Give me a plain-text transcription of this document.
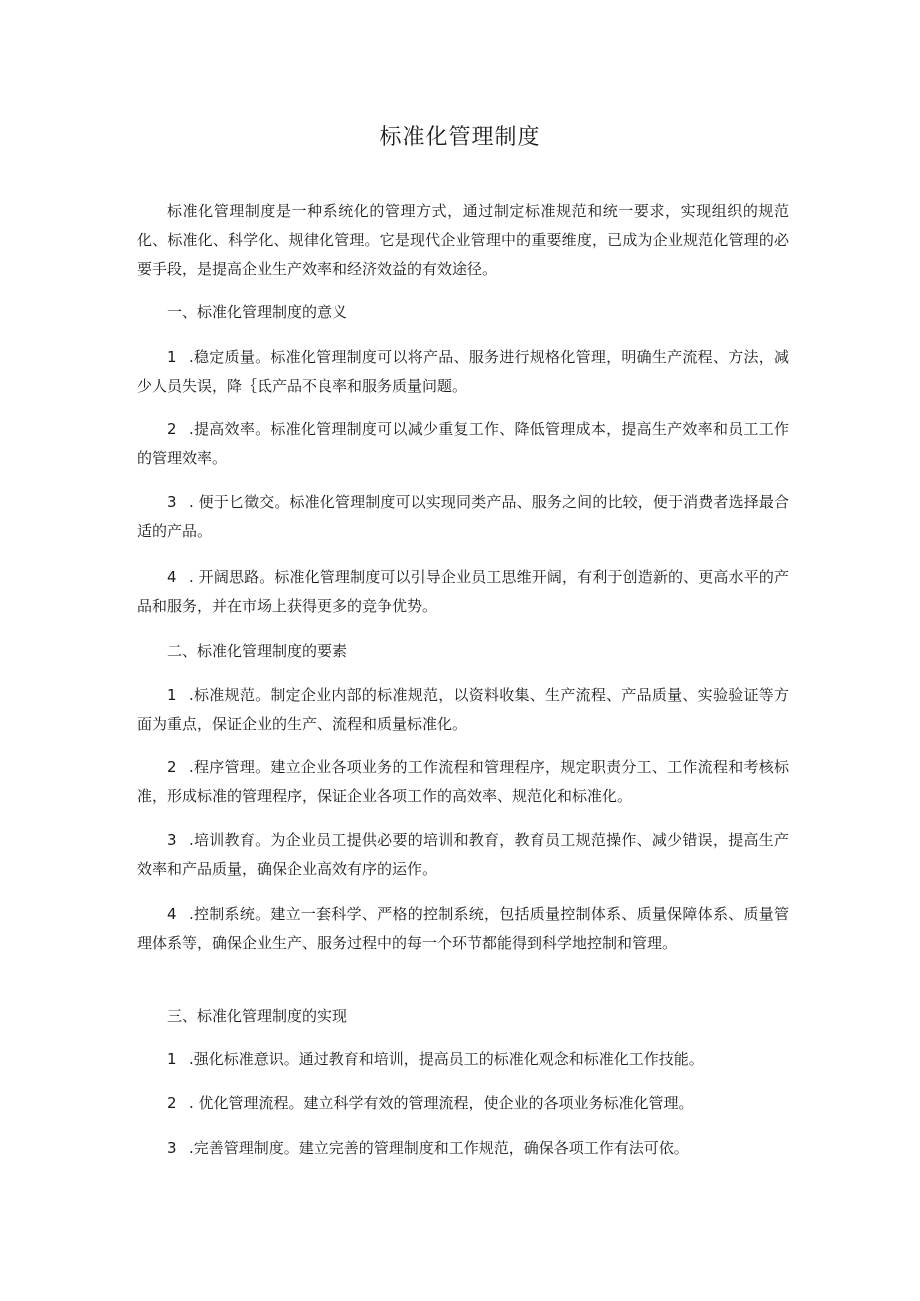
标准化管理制度

标准化管理制度是一种系统化的管理方式，通过制定标准规范和统一要求，实现组织的规范化、标准化、科学化、规律化管理。它是现代企业管理中的重要维度，已成为企业规范化管理的必要手段，是提高企业生产效率和经济效益的有效途径。

一、标准化管理制度的意义

1 .稳定质量。标准化管理制度可以将产品、服务进行规格化管理，明确生产流程、方法，减少人员失误，降｛氐产品不良率和服务质量问题。

2 .提高效率。标准化管理制度可以减少重复工作、降低管理成本，提高生产效率和员工工作的管理效率。

3 . 便于匕徵交。标准化管理制度可以实现同类产品、服务之间的比较，便于消费者选择最合适的产品。

4 . 开阔思路。标准化管理制度可以引导企业员工思维开阔，有利于创造新的、更高水平的产品和服务，并在市场上获得更多的竞争优势。

二、标准化管理制度的要素

1 .标准规范。制定企业内部的标准规范，以资料收集、生产流程、产品质量、实验验证等方面为重点，保证企业的生产、流程和质量标准化。

2 .程序管理。建立企业各项业务的工作流程和管理程序，规定职责分工、工作流程和考核标准，形成标准的管理程序，保证企业各项工作的高效率、规范化和标准化。

3 .培训教育。为企业员工提供必要的培训和教育，教育员工规范操作、减少错误，提高生产效率和产品质量，确保企业高效有序的运作。

4 .控制系统。建立一套科学、严格的控制系统，包括质量控制体系、质量保障体系、质量管理体系等，确保企业生产、服务过程中的每一个环节都能得到科学地控制和管理。

三、标准化管理制度的实现

1 .强化标准意识。通过教育和培训，提高员工的标准化观念和标准化工作技能。

2 . 优化管理流程。建立科学有效的管理流程，使企业的各项业务标准化管理。

3 .完善管理制度。建立完善的管理制度和工作规范，确保各项工作有法可依。
